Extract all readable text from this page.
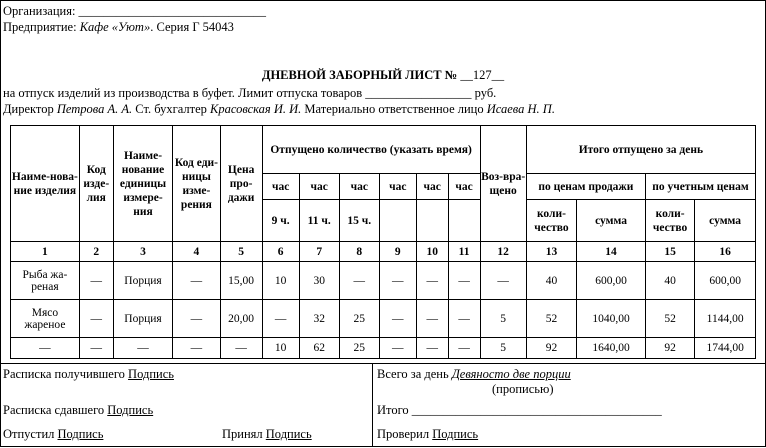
Организация: ______________________________
Предприятие: Кафе «Уют». Серия Г 54043
ДНЕВНОЙ ЗАБОРНЫЙ ЛИСТ № __127__
на отпуск изделий из производства в буфет. Лимит отпуска товаров _________________ руб.
Директор Петрова А. А. Ст. бухгалтер Красовская И. И. Материально ответственное лицо Исаева Н. П.
Наиме-нова-ние изделия	Код изде-лия	Наиме-нование единицы измере-ния	Код еди-ницы изме-рения	Цена про-дажи	Отпущено количество (указать время)						Воз-вра-щено	Итого отпущено за день			
					час	час	час	час	час	час		по ценам продажи		по учетным ценам	
					9 ч.	11 ч.	15 ч.					коли-чество	сумма	коли-чество	сумма
1	2	3	4	5	6	7	8	9	10	11	12	13	14	15	16
Рыба жа-реная	—	Порция	—	15,00	10	30	—	—	—	—	—	40	600,00	40	600,00
Мясо жареное	—	Порция	—	20,00	—	32	25	—	—	—	5	52	1040,00	52	1144,00
—	—	—	—	—	10	62	25	—	—	—	5	92	1640,00	92	1744,00
Расписка получившего Подпись
Расписка сдавшего Подпись
Отпустил Подпись	Принял Подпись
Всего за день Девяносто две порции
(прописью)
Итого ________________________________________
Проверил Подпись
